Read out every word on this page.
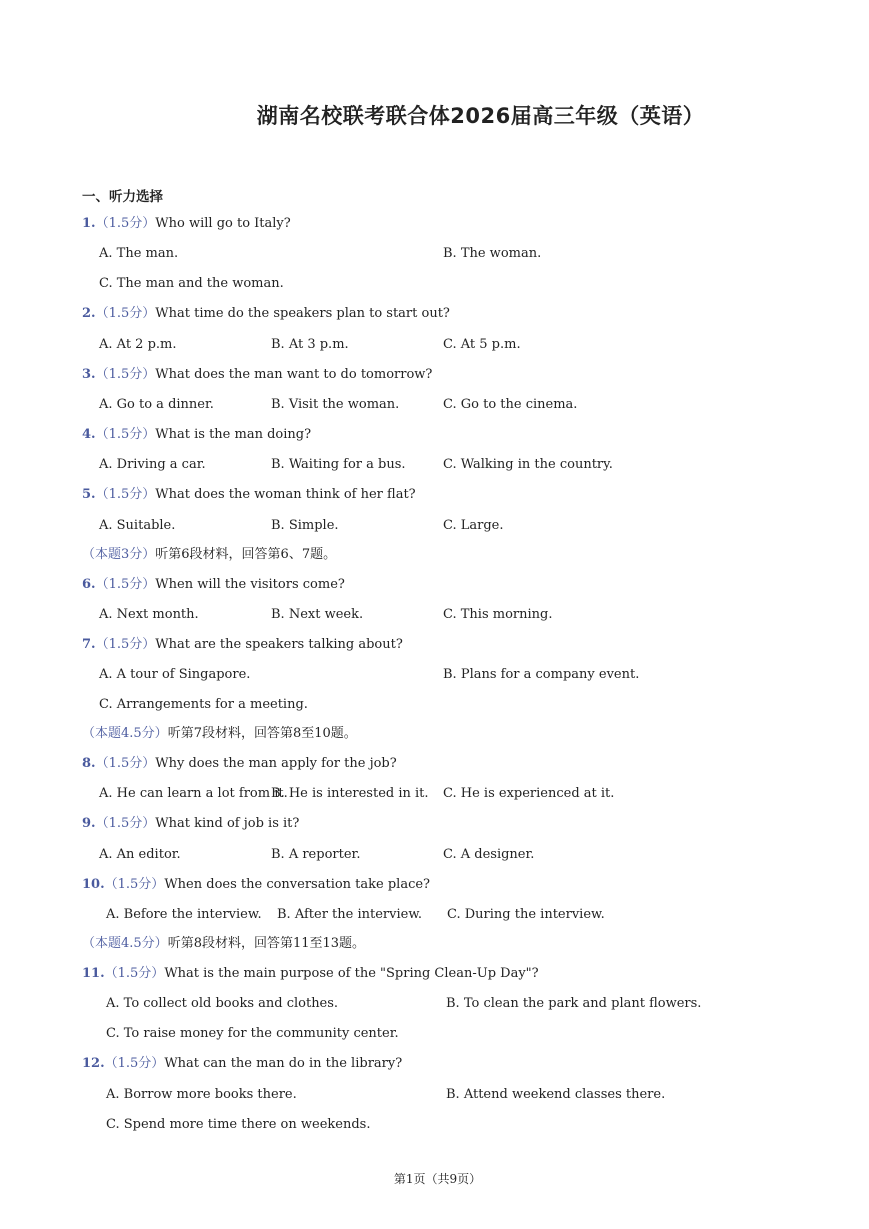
湖南名校联考联合体2026届高三年级（英语）
一、听力选择
1.（1.5分）Who will go to Italy?
A. The man.	B. The woman.
C. The man and the woman.
2.（1.5分）What time do the speakers plan to start out?
A. At 2 p.m.	B. At 3 p.m.	C. At 5 p.m.
3.（1.5分）What does the man want to do tomorrow?
A. Go to a dinner.	B. Visit the woman.	C. Go to the cinema.
4.（1.5分）What is the man doing?
A. Driving a car.	B. Waiting for a bus.	C. Walking in the country.
5.（1.5分）What does the woman think of her flat?
A. Suitable.	B. Simple.	C. Large.
（本题3分）听第6段材料，回答第6、7题。
6.（1.5分）When will the visitors come?
A. Next month.	B. Next week.	C. This morning.
7.（1.5分）What are the speakers talking about?
A. A tour of Singapore.	B. Plans for a company event.
C. Arrangements for a meeting.
（本题4.5分）听第7段材料，回答第8至10题。
8.（1.5分）Why does the man apply for the job?
A. He can learn a lot from it.
B. He is interested in it. C. He is experienced at it.
9.（1.5分）What kind of job is it?
A. An editor.	B. A reporter.	C. A designer.
10.（1.5分）When does the conversation take place?
A. Before the interview. B. After the interview. C. During the interview.
（本题4.5分）听第8段材料，回答第11至13题。
11.（1.5分）What is the main purpose of the "Spring Clean-Up Day"?
A. To collect old books and clothes.	B. To clean the park and plant flowers.
C. To raise money for the community center.
12.（1.5分）What can the man do in the library?
A. Borrow more books there.	B. Attend weekend classes there.
C. Spend more time there on weekends.
第1页（共9页）
